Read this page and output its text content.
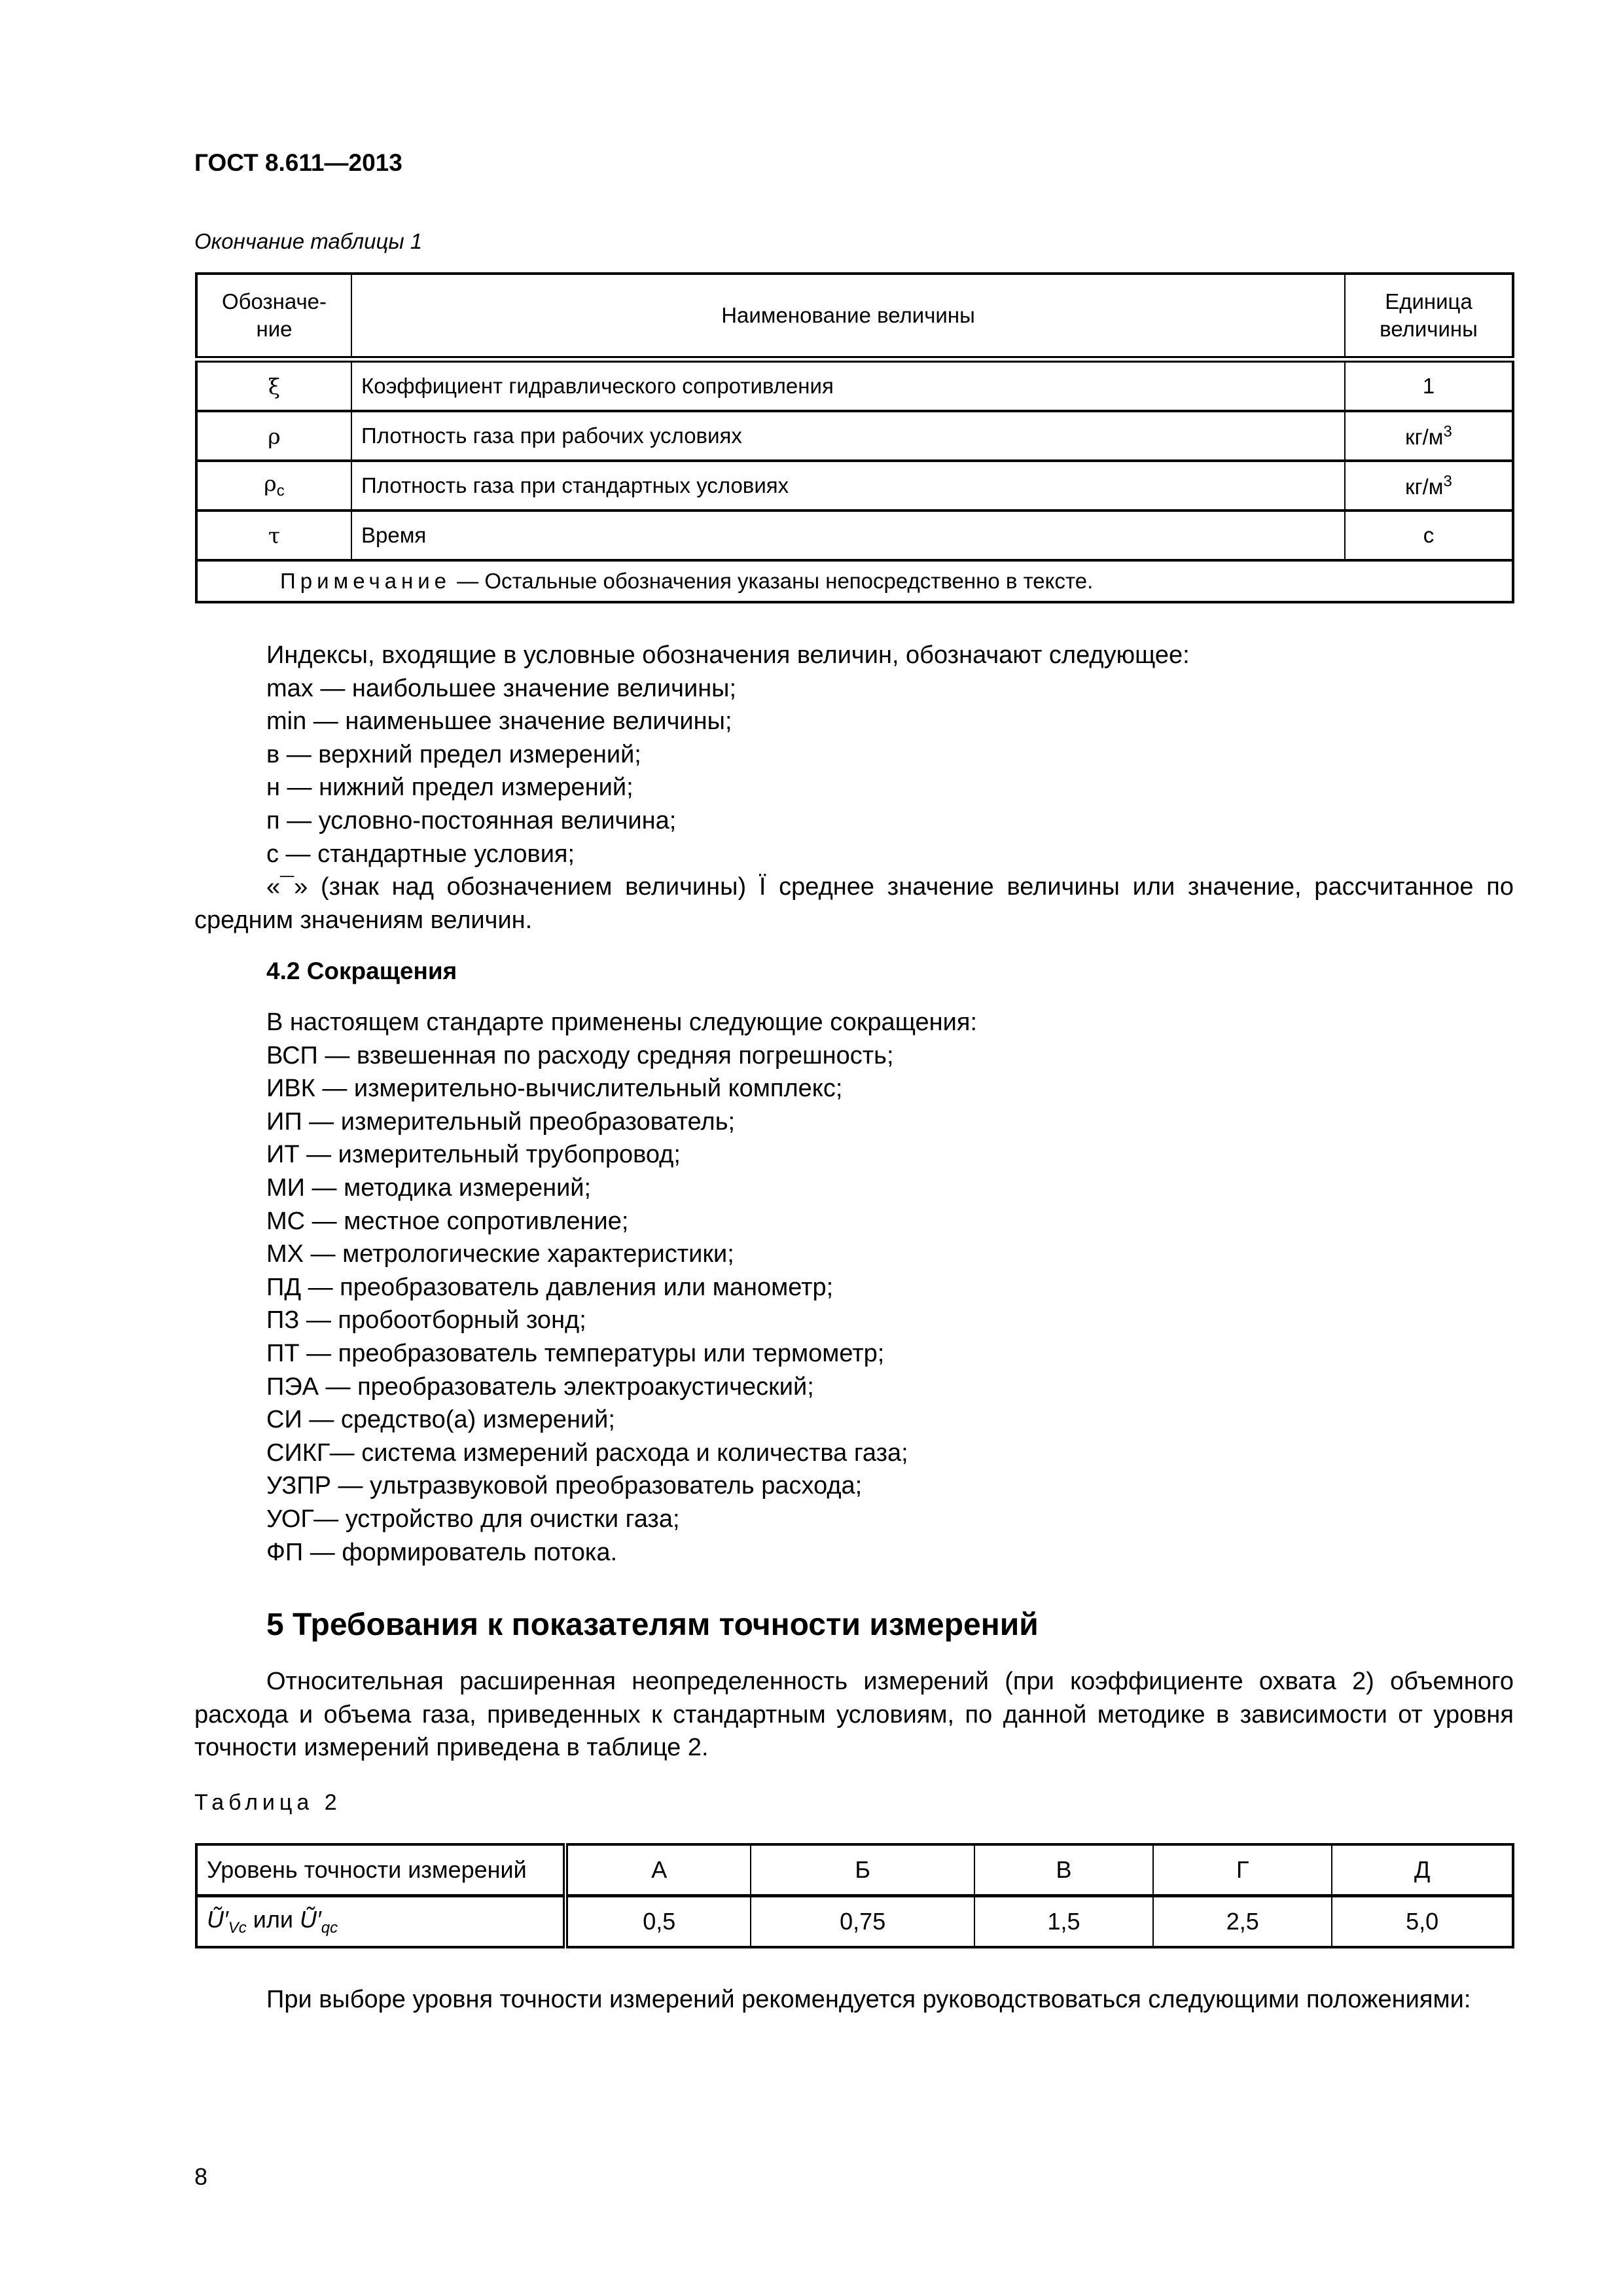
ГОСТ 8.611—2013
Окончание таблицы 1
Обозначе-ние	Наименование величины	Единица величины
ξ	Коэффициент гидравлического сопротивления	1
ρ	Плотность газа при рабочих условиях	$кг/м^3$
$\rho_c$	Плотность газа при стандартных условиях	$кг/м^3$
τ	Время	с
Примечание — Остальные обозначения указаны непосредственно в тексте.		
Индексы, входящие в условные обозначения величин, обозначают следующее:
max — наибольшее значение величины;
min — наименьшее значение величины;
в — верхний предел измерений;
н — нижний предел измерений;
п — условно-постоянная величина;
с — стандартные условия;
«¯» (знак над обозначением величины) Ï среднее значение величины или значение, рассчитанное по средним значениям величин.
4.2 Сокращения
В настоящем стандарте применены следующие сокращения:
ВСП — взвешенная по расходу средняя погрешность;
ИВК — измерительно-вычислительный комплекс;
ИП — измерительный преобразователь;
ИТ — измерительный трубопровод;
МИ — методика измерений;
МС — местное сопротивление;
МХ — метрологические характеристики;
ПД — преобразователь давления или манометр;
ПЗ — пробоотборный зонд;
ПТ — преобразователь температуры или термометр;
ПЭА — преобразователь электроакустический;
СИ — средство(а) измерений;
СИКГ— система измерений расхода и количества газа;
УЗПР — ультразвуковой преобразователь расхода;
УОГ— устройство для очистки газа;
ФП — формирователь потока.
5 Требования к показателям точности измерений
Относительная расширенная неопределенность измерений (при коэффициенте охвата 2) объемного расхода и объема газа, приведенных к стандартным условиям, по данной методике в зависимости от уровня точности измерений приведена в таблице 2.
Таблица 2
Уровень точности измерений	А	Б	В	Г	Д
$Ũ'_{Vc}$ или $Ũ'_{qc}$	0,5	0,75	1,5	2,5	5,0
При выборе уровня точности измерений рекомендуется руководствоваться следующими положениями:
8
